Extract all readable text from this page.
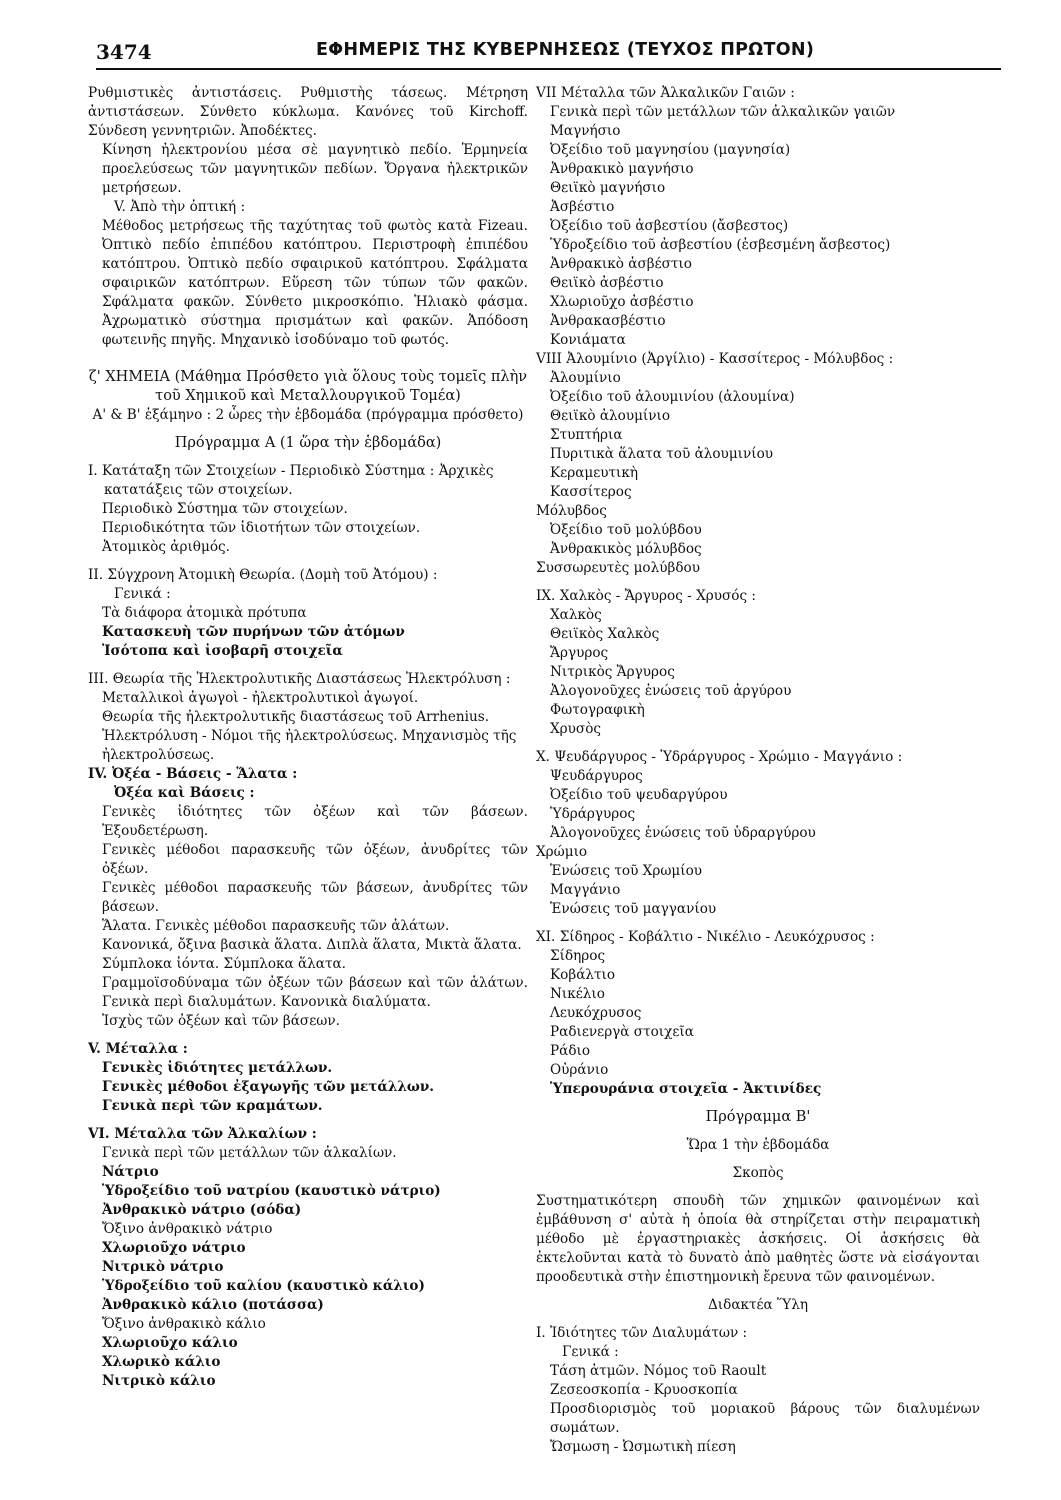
3474	ΕΦΗΜΕΡΙΣ ΤΗΣ ΚΥΒΕΡΝΗΣΕΩΣ (ΤΕΥΧΟΣ ΠΡΩΤΟΝ)

Ρυθμιστικὲς ἀντιστάσεις. Ρυθμιστὴς τάσεως. Μέτρηση ἀντιστάσεων. Σύνθετο κύκλωμα. Κανόνες τοῦ Kirchoff. Σύνδεση γεννητριῶν. Ἀποδέκτες.

Κίνηση ἠλεκτρονίου μέσα σὲ μαγνητικὸ πεδίο. Ἑρμηνεία προελεύσεως τῶν μαγνητικῶν πεδίων. Ὄργανα ἠλεκτρικῶν μετρήσεων.

V. Ἀπὸ τὴν ὀπτική :

Μέθοδος μετρήσεως τῆς ταχύτητας τοῦ φωτὸς κατὰ Fizeau. Ὀπτικὸ πεδίο ἐπιπέδου κατόπτρου. Περιστροφὴ ἐπιπέδου κατόπτρου. Ὀπτικὸ πεδίο σφαιρικοῦ κατόπτρου. Σφάλματα σφαιρικῶν κατόπτρων. Εὕρεση τῶν τύπων τῶν φακῶν. Σφάλματα φακῶν. Σύνθετο μικροσκόπιο. Ἡλιακὸ φάσμα. Ἀχρωματικὸ σύστημα πρισμάτων καὶ φακῶν. Ἀπόδοση φωτεινῆς πηγῆς. Μηχανικὸ ἰσοδύναμο τοῦ φωτός.

ζ' ΧΗΜΕΙΑ (Μάθημα Πρόσθετο γιὰ ὅλους τοὺς τομεῖς πλὴν τοῦ Χημικοῦ καὶ Μεταλλουργικοῦ Τομέα)

Α' & Β' ἑξάμηνο : 2 ὧρες τὴν ἑβδομάδα (πρόγραμμα πρόσθετο)

Πρόγραμμα Α (1 ὥρα τὴν ἑβδομάδα)

I. Κατάταξη τῶν Στοιχείων - Περιοδικὸ Σύστημα : Ἀρχικὲς κατατάξεις τῶν στοιχείων.

Περιοδικὸ Σύστημα τῶν στοιχείων.

Περιοδικότητα τῶν ἰδιοτήτων τῶν στοιχείων.

Ἀτομικὸς ἀριθμός.

II. Σύγχρονη Ἀτομικὴ Θεωρία. (Δομὴ τοῦ Ἀτόμου) :

Γενικά :

Τὰ διάφορα ἀτομικὰ πρότυπα

Κατασκευὴ τῶν πυρήνων τῶν ἀτόμων

Ἰσότοπα καὶ ἰσοβαρῆ στοιχεῖα

III. Θεωρία τῆς Ἠλεκτρολυτικῆς Διαστάσεως Ἠλεκτρόλυση :

Μεταλλικοὶ ἀγωγοὶ - ἠλεκτρολυτικοὶ ἀγωγοί.

Θεωρία τῆς ἠλεκτρολυτικῆς διαστάσεως τοῦ Arrhenius.

Ἠλεκτρόλυση - Νόμοι τῆς ἠλεκτρολύσεως. Μηχανισμὸς τῆς ἠλεκτρολύσεως.

IV. Ὀξέα - Βάσεις - Ἅλατα :

Ὀξέα καὶ Βάσεις :

Γενικὲς ἰδιότητες τῶν ὀξέων καὶ τῶν βάσεων. Ἐξουδετέρωση.

Γενικὲς μέθοδοι παρασκευῆς τῶν ὀξέων, ἀνυδρίτες τῶν ὀξέων.

Γενικὲς μέθοδοι παρασκευῆς τῶν βάσεων, ἀνυδρίτες τῶν βάσεων.

Ἅλατα. Γενικὲς μέθοδοι παρασκευῆς τῶν ἁλάτων.

Κανονικά, ὄξινα βασικὰ ἅλατα. Διπλὰ ἅλατα, Μικτὰ ἅλατα.

Σύμπλοκα ἰόντα. Σύμπλοκα ἅλατα.

Γραμμοϊσοδύναμα τῶν ὀξέων τῶν βάσεων καὶ τῶν ἁλάτων. Γενικὰ περὶ διαλυμάτων. Κανονικὰ διαλύματα.

Ἰσχὺς τῶν ὀξέων καὶ τῶν βάσεων.

V. Μέταλλα :

Γενικὲς ἰδιότητες μετάλλων.

Γενικὲς μέθοδοι ἐξαγωγῆς τῶν μετάλλων.

Γενικὰ περὶ τῶν κραμάτων.

VI. Μέταλλα τῶν Ἀλκαλίων :

Γενικὰ περὶ τῶν μετάλλων τῶν ἀλκαλίων.

Νάτριο

Ὑδροξείδιο τοῦ νατρίου (καυστικὸ νάτριο)

Ἀνθρακικὸ νάτριο (σόδα)

Ὄξινο ἀνθρακικὸ νάτριο

Χλωριοῦχο νάτριο

Νιτρικὸ νάτριο

Ὑδροξείδιο τοῦ καλίου (καυστικὸ κάλιο)

Ἀνθρακικὸ κάλιο (ποτάσσα)

Ὄξινο ἀνθρακικὸ κάλιο

Χλωριοῦχο κάλιο

Χλωρικὸ κάλιο

Νιτρικὸ κάλιο

VII Μέταλλα τῶν Ἀλκαλικῶν Γαιῶν :

Γενικὰ περὶ τῶν μετάλλων τῶν ἀλκαλικῶν γαιῶν

Μαγνήσιο

Ὀξείδιο τοῦ μαγνησίου (μαγνησία)

Ἀνθρακικὸ μαγνήσιο

Θειϊκὸ μαγνήσιο

Ἀσβέστιο

Ὀξείδιο τοῦ ἀσβεστίου (ἄσβεστος)

Ὑδροξείδιο τοῦ ἀσβεστίου (ἐσβεσμένη ἄσβεστος)

Ἀνθρακικὸ ἀσβέστιο

Θειϊκὸ ἀσβέστιο

Χλωριοῦχο ἀσβέστιο

Ἀνθρακασβέστιο

Κονιάματα

VIII Ἀλουμίνιο (Ἀργίλιο) - Κασσίτερος - Μόλυβδος :

Ἀλουμίνιο

Ὀξείδιο τοῦ ἀλουμινίου (ἀλουμίνα)

Θειϊκὸ ἀλουμίνιο

Στυπτήρια

Πυριτικὰ ἅλατα τοῦ ἀλουμινίου

Κεραμευτικὴ

Κασσίτερος

Μόλυβδος

Ὀξείδιο τοῦ μολύβδου

Ἀνθρακικὸς μόλυβδος

Συσσωρευτὲς μολύβδου

IX. Χαλκὸς - Ἄργυρος - Χρυσός :

Χαλκὸς

Θειϊκὸς Χαλκὸς

Ἄργυρος

Νιτρικὸς Ἄργυρος

Ἀλογονοῦχες ἑνώσεις τοῦ ἀργύρου

Φωτογραφικὴ

Χρυσὸς

X. Ψευδάργυρος - Ὑδράργυρος - Χρώμιο - Μαγγάνιο :

Ψευδάργυρος

Ὀξείδιο τοῦ ψευδαργύρου

Ὑδράργυρος

Ἀλογονοῦχες ἑνώσεις τοῦ ὑδραργύρου

Χρώμιο

Ἑνώσεις τοῦ Χρωμίου

Μαγγάνιο

Ἑνώσεις τοῦ μαγγανίου

XI. Σίδηρος - Κοβάλτιο - Νικέλιο - Λευκόχρυσος :

Σίδηρος

Κοβάλτιο

Νικέλιο

Λευκόχρυσος

Ραδιενεργὰ στοιχεῖα

Ράδιο

Οὐράνιο

Ὑπερουράνια στοιχεῖα - Ἀκτινίδες

Πρόγραμμα Β'

Ὥρα 1 τὴν ἑβδομάδα

Σκοπὸς

Συστηματικότερη σπουδὴ τῶν χημικῶν φαινομένων καὶ ἐμβάθυνση σ' αὐτὰ ἡ ὁποία θὰ στηρίζεται στὴν πειραματικὴ μέθοδο μὲ ἐργαστηριακὲς ἀσκήσεις. Οἱ ἀσκήσεις θὰ ἐκτελοῦνται κατὰ τὸ δυνατὸ ἀπὸ μαθητὲς ὥστε νὰ εἰσάγονται προοδευτικὰ στὴν ἐπιστημονικὴ ἔρευνα τῶν φαινομένων.

Διδακτέα Ὕλη

I. Ἰδιότητες τῶν Διαλυμάτων :

Γενικά :

Τάση ἀτμῶν. Νόμος τοῦ Raoult

Ζεσεοσκοπία - Κρυοσκοπία

Προσδιορισμὸς τοῦ μοριακοῦ βάρους τῶν διαλυμένων σωμάτων.

Ὤσμωση - Ὠσμωτικὴ πίεση
